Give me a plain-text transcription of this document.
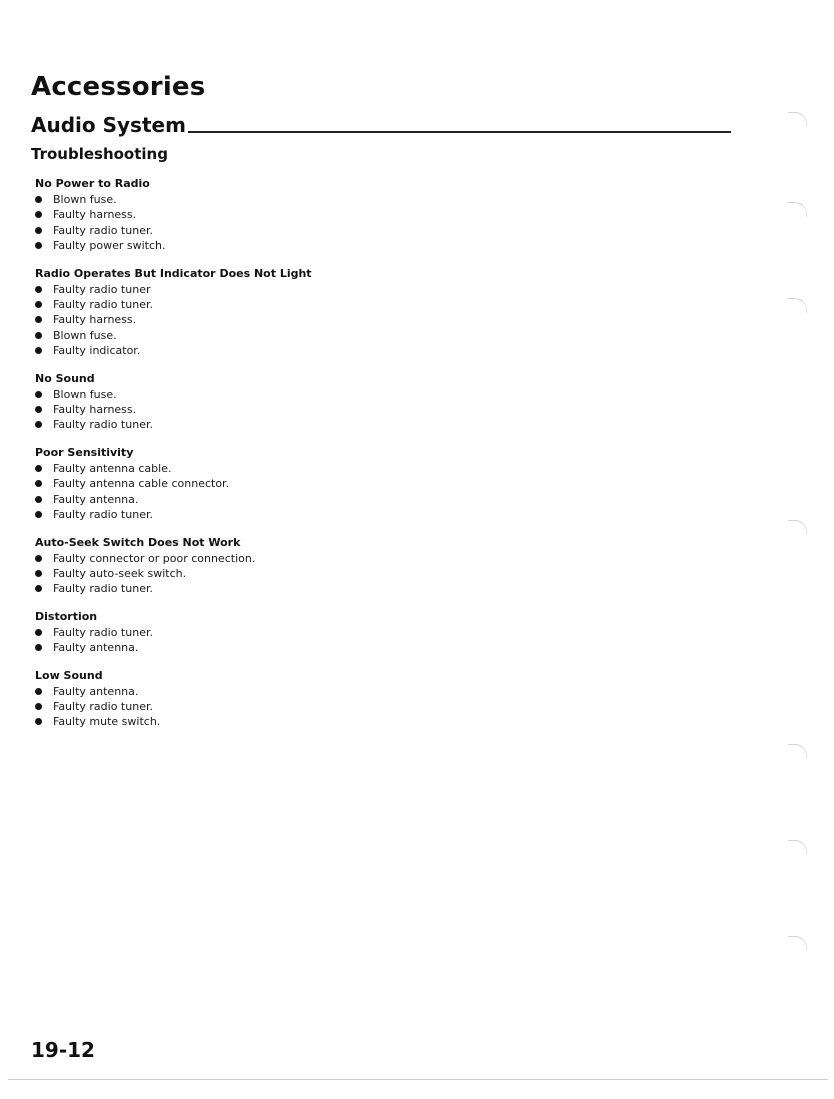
Accessories
Audio System
Troubleshooting
No Power to Radio
Blown fuse.
Faulty harness.
Faulty radio tuner.
Faulty power switch.
Radio Operates But Indicator Does Not Light
Faulty radio tuner
Faulty radio tuner.
Faulty harness.
Blown fuse.
Faulty indicator.
No Sound
Blown fuse.
Faulty harness.
Faulty radio tuner.
Poor Sensitivity
Faulty antenna cable.
Faulty antenna cable connector.
Faulty antenna.
Faulty radio tuner.
Auto-Seek Switch Does Not Work
Faulty connector or poor connection.
Faulty auto-seek switch.
Faulty radio tuner.
Distortion
Faulty radio tuner.
Faulty antenna.
Low Sound
Faulty antenna.
Faulty radio tuner.
Faulty mute switch.
19-12
